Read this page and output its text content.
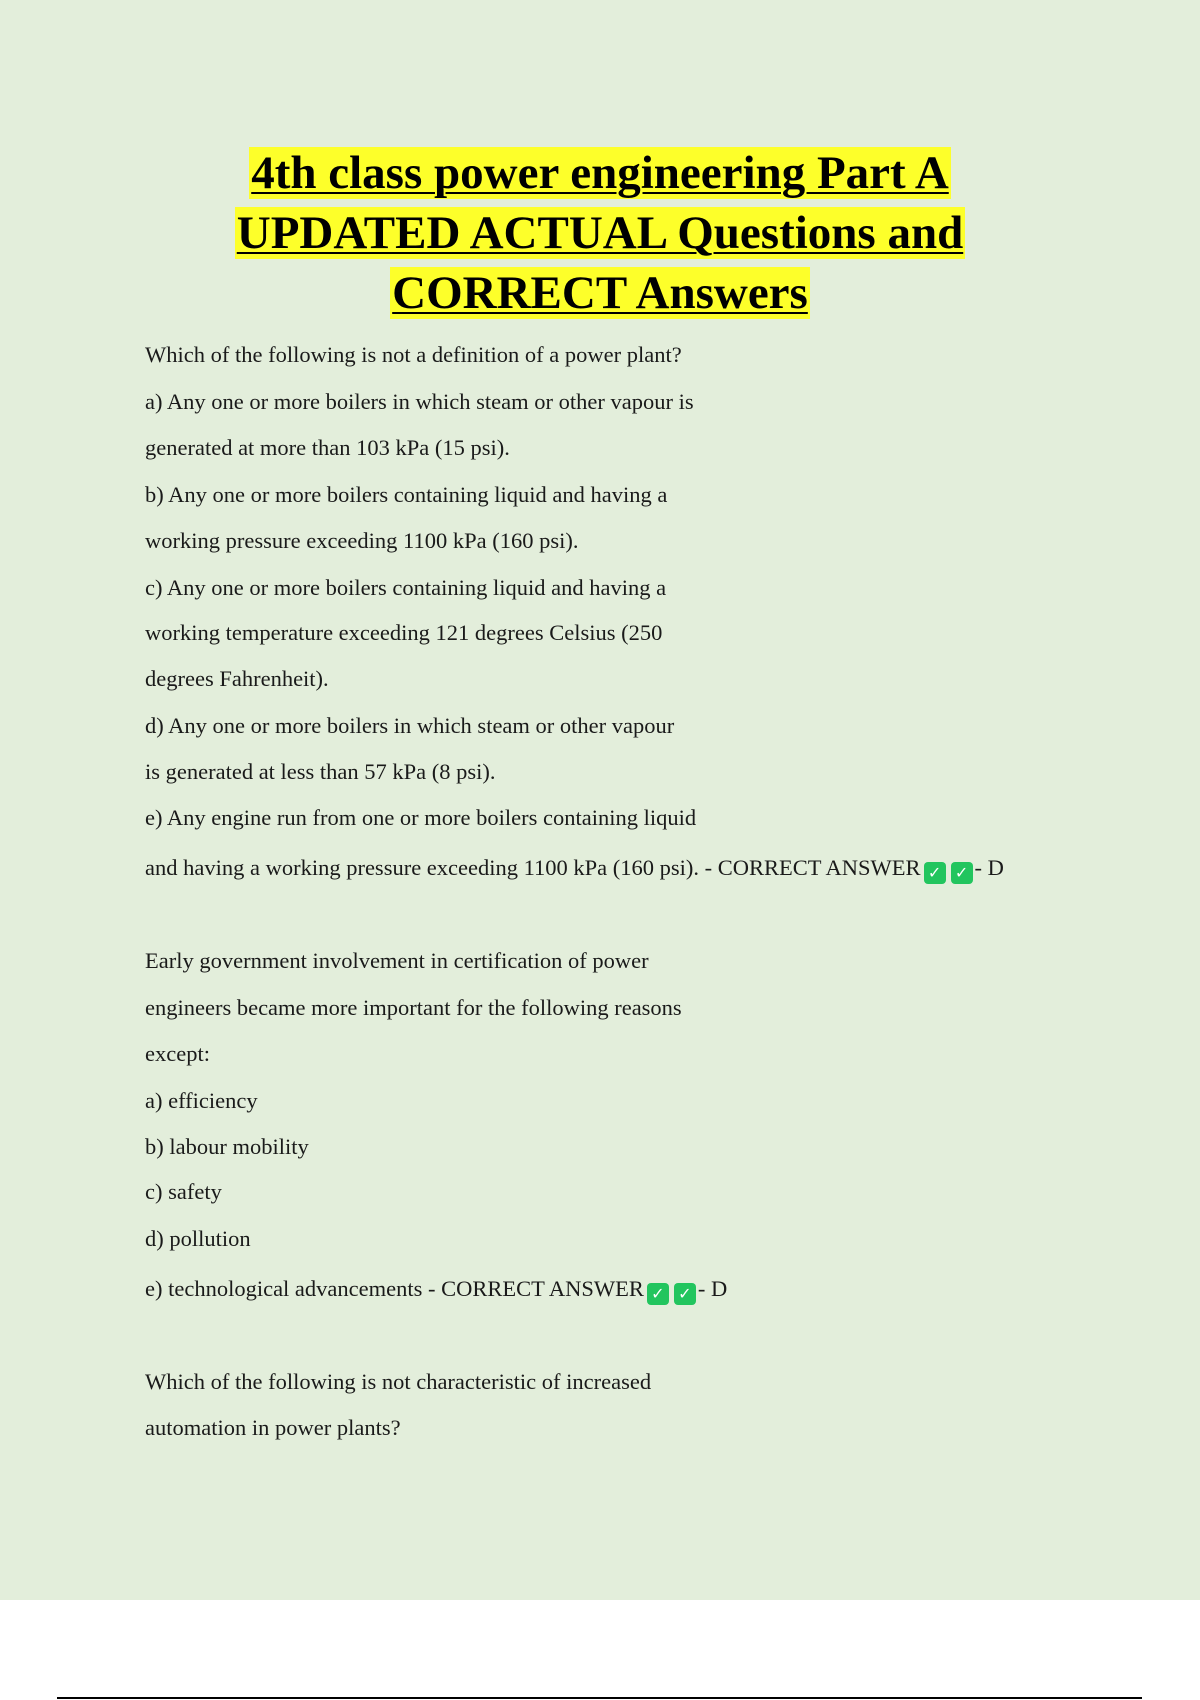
4th class power engineering Part A
UPDATED ACTUAL Questions and
CORRECT Answers
Which of the following is not a definition of a power plant?
a) Any one or more boilers in which steam or other vapour is
generated at more than 103 kPa (15 psi).
b) Any one or more boilers containing liquid and having a
working pressure exceeding 1100 kPa (160 psi).
c) Any one or more boilers containing liquid and having a
working temperature exceeding 121 degrees Celsius (250
degrees Fahrenheit).
d) Any one or more boilers in which steam or other vapour
is generated at less than 57 kPa (8 psi).
e) Any engine run from one or more boilers containing liquid
and having a working pressure exceeding 1100 kPa (160 psi). - CORRECT ANSWER ✓ ✓ - D
Early government involvement in certification of power
engineers became more important for the following reasons
except:
a) efficiency
b) labour mobility
c) safety
d) pollution
e) technological advancements - CORRECT ANSWER ✓ ✓ - D
Which of the following is not characteristic of increased
automation in power plants?
